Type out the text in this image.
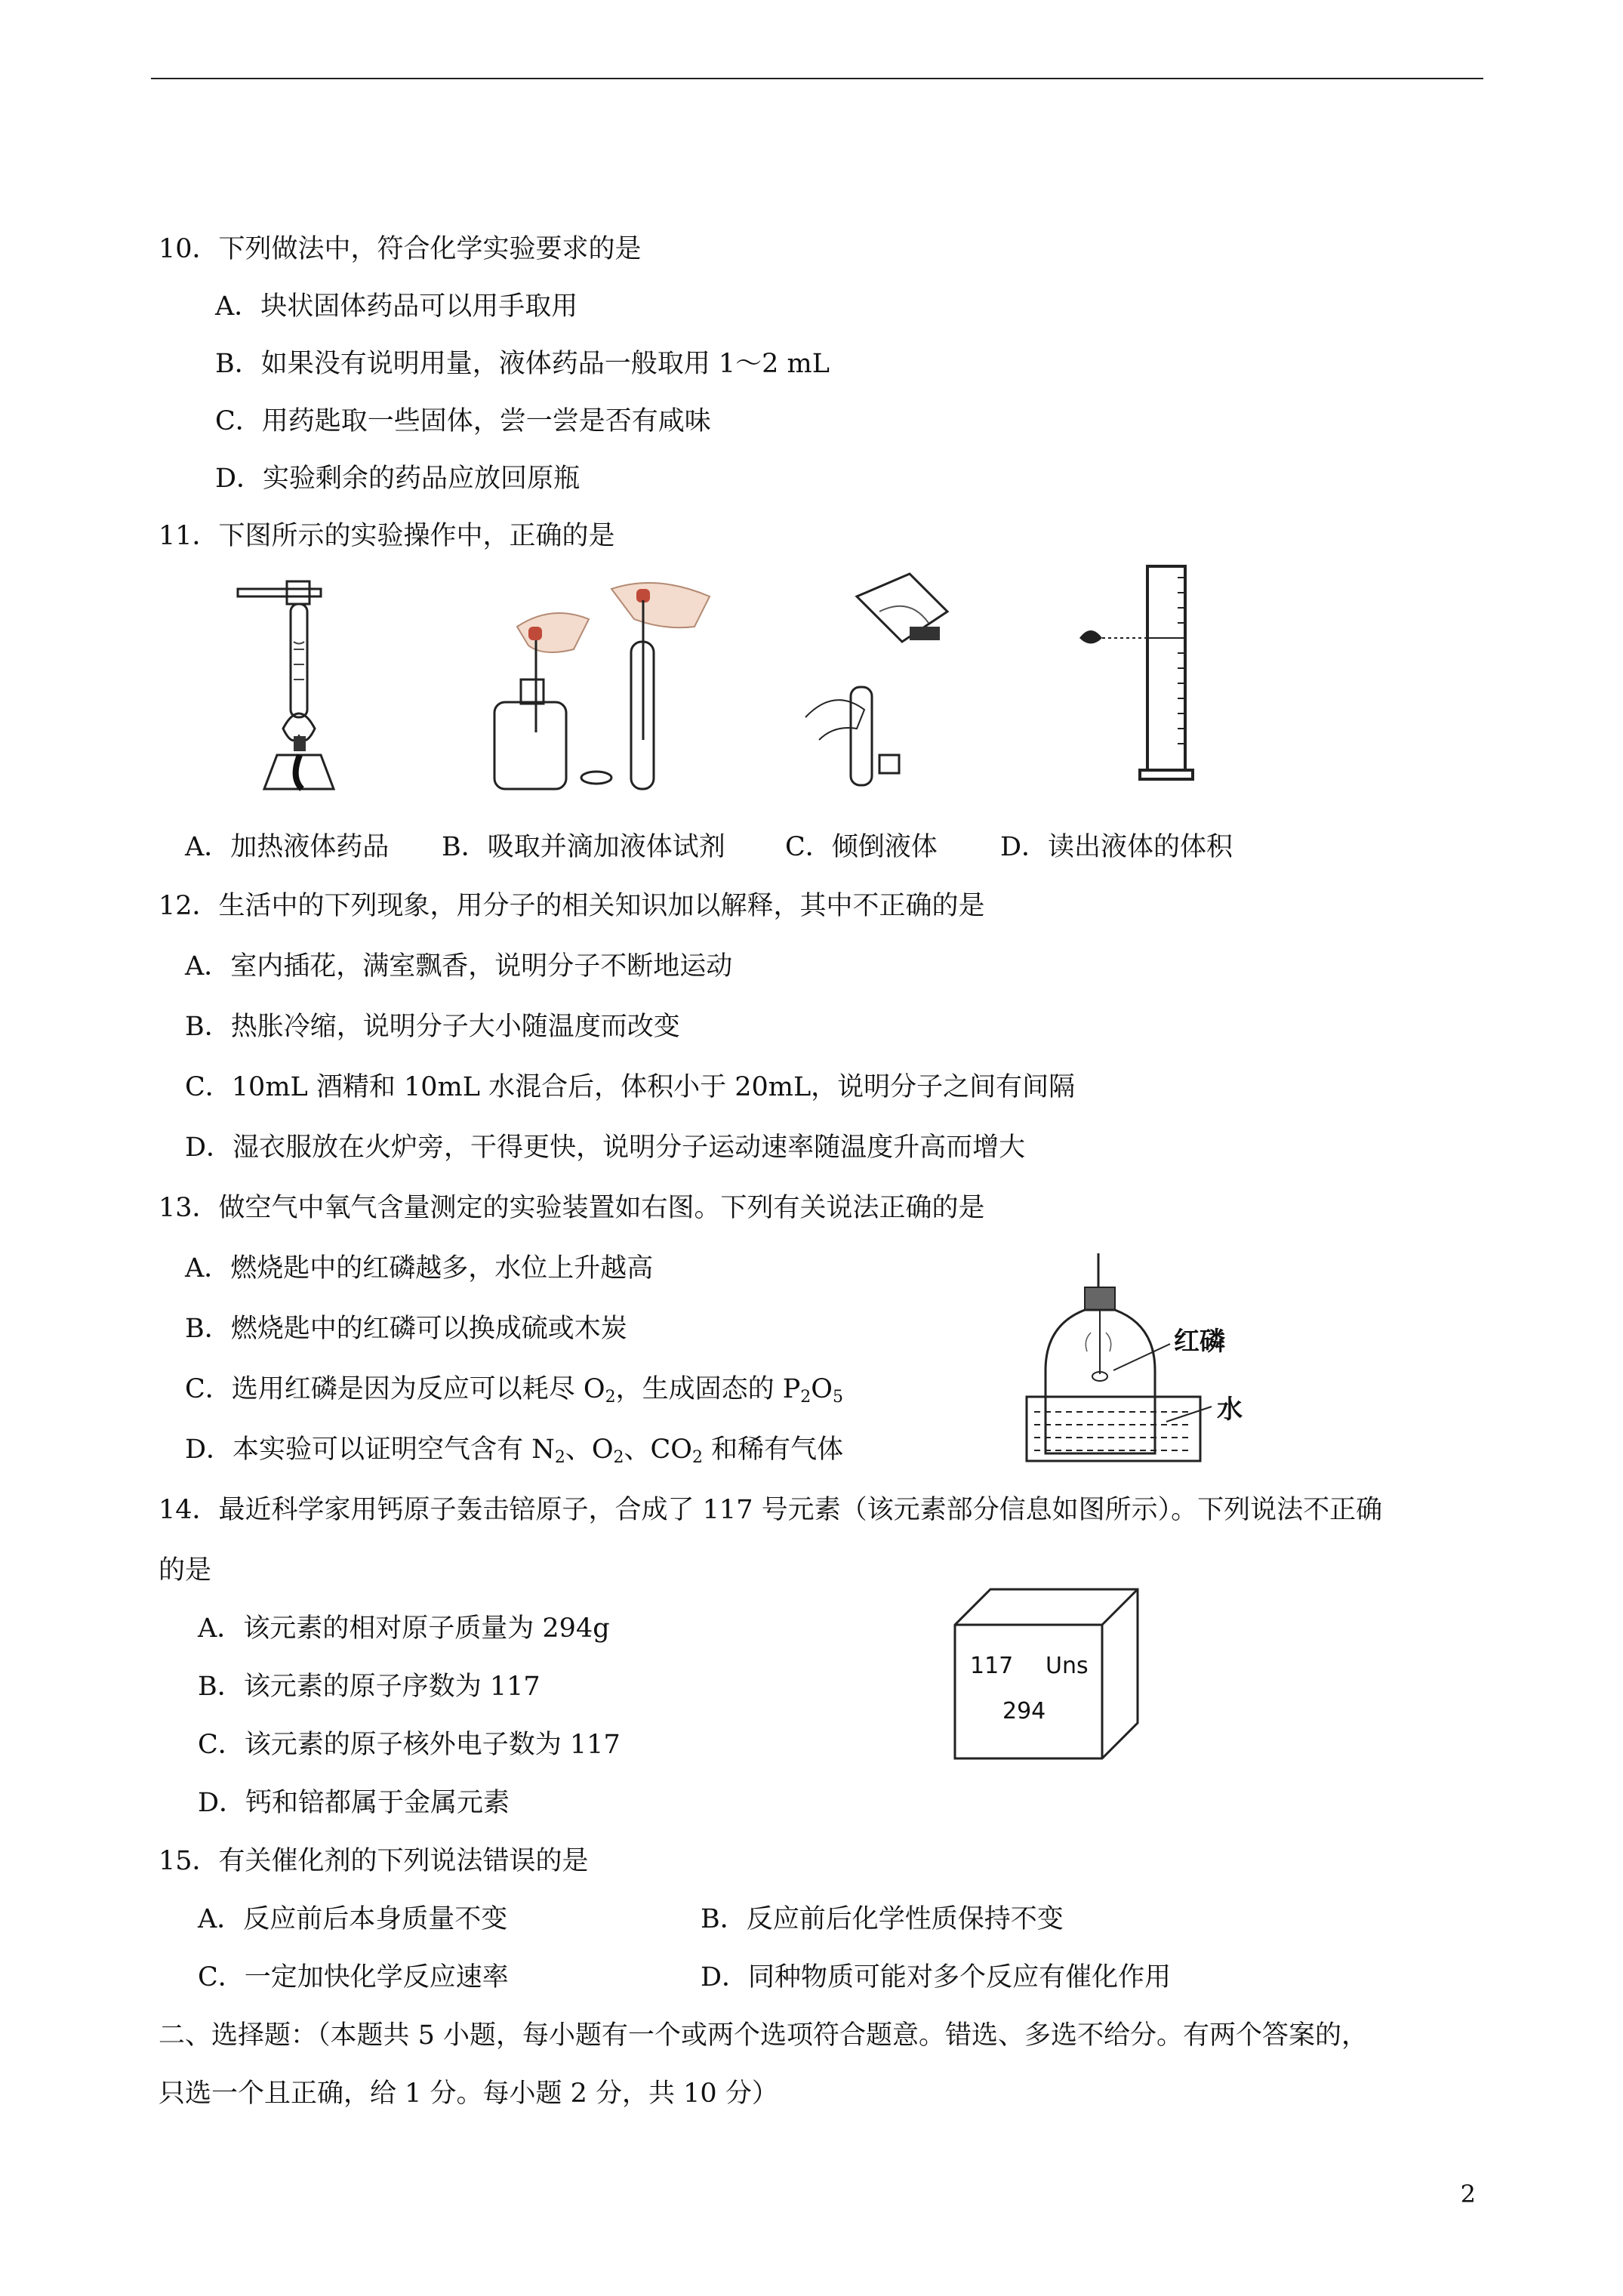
10．下列做法中，符合化学实验要求的是
A．块状固体药品可以用手取用
B．如果没有说明用量，液体药品一般取用 1～2 mL
C．用药匙取一些固体，尝一尝是否有咸味
D．实验剩余的药品应放回原瓶
11．下图所示的实验操作中，正确的是
A．加热液体药品 B．吸取并滴加液体试剂 C．倾倒液体 D．读出液体的体积
12．生活中的下列现象，用分子的相关知识加以解释，其中不正确的是
A．室内插花，满室飘香，说明分子不断地运动
B．热胀冷缩，说明分子大小随温度而改变
C．10mL 酒精和 10mL 水混合后，体积小于 20mL，说明分子之间有间隔
D．湿衣服放在火炉旁，干得更快，说明分子运动速率随温度升高而增大
13．做空气中氧气含量测定的实验装置如右图。下列有关说法正确的是
A．燃烧匙中的红磷越多，水位上升越高
B．燃烧匙中的红磷可以换成硫或木炭
C．选用红磷是因为反应可以耗尽 $O_2$，生成固态的 $P_2O_5$
D．本实验可以证明空气含有 $N_2$、$O_2$、$CO_2$ 和稀有气体
红磷
水
14．最近科学家用钙原子轰击锫原子，合成了 117 号元素（该元素部分信息如图所示）。下列说法不正确
的是
A．该元素的相对原子质量为 294g
B．该元素的原子序数为 117
C．该元素的原子核外电子数为 117
D．钙和锫都属于金属元素
117 Uns
294
15．有关催化剂的下列说法错误的是
A．反应前后本身质量不变	B．反应前后化学性质保持不变
C．一定加快化学反应速率	D．同种物质可能对多个反应有催化作用
二、选择题：（本题共 5 小题，每小题有一个或两个选项符合题意。错选、多选不给分。有两个答案的，
只选一个且正确，给 1 分。每小题 2 分，共 10 分）
2
